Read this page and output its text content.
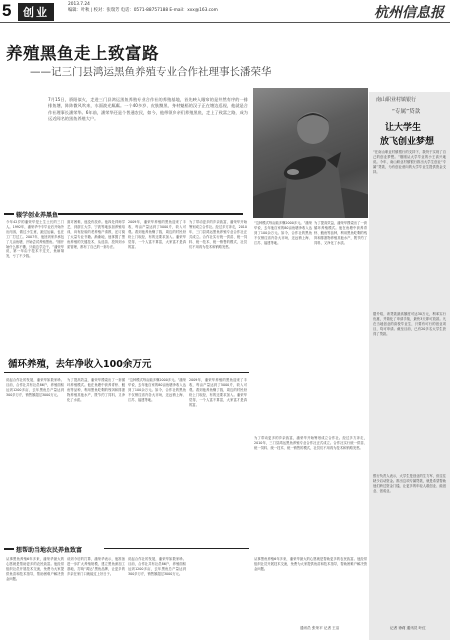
5	创业
2013.7.24
编辑：叶秋 | 校对：张瑞芳 电话：0571-88757188 E-mail：xxx@163.com	杭州信息报
养殖黑鱼走上致富路
——记三门县鸿运黑鱼养殖专业合作社理事长潘荣华
7月15日，骄阳似火，走进三门县鸿运黑鱼养殖专业合作社的养殖基地，首先映入眼帘的是井然有序的一排排鱼塘，阵阵微风吹来，水面波光粼粼。一个40多岁、皮肤黝黑、身材魁梧的汉子正在塘边巡视，他就是合作社理事长潘荣华。6年前，潘荣华还是个普通农民，如今，他带领乡亲们养殖黑鱼，走上了致富之路，成为远近闻名的黑鱼养殖大户。
辍学创业养黑鱼
今年42岁的潘荣华是土生土长的三门人。1992年，潘荣华中专毕业后开始外出闯荡，做过小生意，跑过运输，也在工厂打过工。2007年，他回到家乡承包了几亩鱼塘，开始尝试养殖黑鱼。“刚开始什么都不懂，只能边学边干。”潘荣华说，第一年由于技术不过关，鱼病频发，亏了不少钱。
面对困难，他没有放弃。他四处拜师学艺，到浙江大学、宁波等地参加养殖培训，向有经验的老养殖户请教，还订阅了大量专业书籍。渐渐地，他掌握了黑鱼养殖的关键技术，从选苗、投饵到水质管理，都有了自己的一套办法。
2009年，潘荣华养殖的黑鱼迎来了丰收，每亩产量达到了5000斤，收入可观。看到他养鱼赚了钱，周边的村民纷纷上门取经，有的还要求加入。潘荣华觉得，一个人富不算富，大家富才是真的富。
为了带动更多的乡亲致富，潘荣华开始筹划成立合作社。经过多方奔走，2010年，三门县鸿运黑鱼养殖专业合作社正式成立。合作社实行统一供苗、统一饲料、统一技术、统一销售的模式，社员们不用再为技术和销路发愁。
“这种模式每亩能多赚2000多元。”潘荣华说，去年他自家的80亩鱼塘净收入达到了100余万元。如今，合作社的黑鱼不仅销往省内各大市场，还远销上海、江苏、福建等地。
为了提高效益，潘荣华摸索出了一套循环养殖模式。他在鱼塘中套养青虾、鲢鱼等品种，利用黑鱼吃剩的残饵和排泄物养殖其他水产，既节约了饲料，又净化了水质。
循环养殖，去年净收入100余万元
说起合作社的发展，潘荣华如数家珍。目前，合作社共有社员86户，养殖面积达到1200多亩，去年黑鱼总产量达到300多万斤，销售额超过3000万元。
为了提高效益，潘荣华摸索出了一套循环养殖模式。他在鱼塘中套养青虾、鲢鱼等品种，利用黑鱼吃剩的残饵和排泄物养殖其他水产，既节约了饲料，又净化了水质。
“这种模式每亩能多赚2000多元。”潘荣华说，去年他自家的80亩鱼塘净收入达到了100余万元。如今，合作社的黑鱼不仅销往省内各大市场，还远销上海、江苏、福建等地。
2009年，潘荣华养殖的黑鱼迎来了丰收，每亩产量达到了5000斤，收入可观。看到他养鱼赚了钱，周边的村民纷纷上门取经，有的还要求加入。潘荣华觉得，一个人富不算富，大家富才是真的富。
为了带动更多的乡亲致富，潘荣华开始筹划成立合作社。经过多方奔走，2010年，三门县鸿运黑鱼养殖专业合作社正式成立。合作社实行统一供苗、统一饲料、统一技术、统一销售的模式，社员们不用再为技术和销路发愁。
想帮助当地农民养鱼致富
从事黑鱼养殖6年多来，潘荣华最大的心愿就是帮助更多的农民致富。他经常组织社员开展技术交流，免费为大家提供鱼苗和技术指导，帮助困难户解决资金问题。
谈到今后的打算，潘荣华表示，他准备进一步扩大养殖规模，建立黑鱼深加工基地，打响“鸿运”黑鱼品牌，让更多的乡亲在家门口就能过上好日子。
说起合作社的发展，潘荣华如数家珍。目前，合作社共有社员86户，养殖面积达到1200多亩，去年黑鱼总产量达到300多万斤，销售额超过3000万元。
从事黑鱼养殖6年多来，潘荣华最大的心愿就是帮助更多的农民致富。他经常组织社员开展技术交流，免费为大家提供鱼苗和技术指导，帮助困难户解决资金问题。
通讯员 张荣平 记者 王洁
南山职业村镇银行
“专属”贷款
让大学生
放飞创业梦想
“在南山职业村镇银行的支持下，我终于实现了自己的创业梦想。”刚刚从大学毕业的小王高兴地说。今年，南山职业村镇银行推出大学生创业“专属”贷款，为有创业意向的大学毕业生提供资金支持。
据介绍，该贷款最高额度可达30万元，利率实行优惠，并简化了申请手续，最快3天即可放款。凡在当地创业的高校毕业生，只要有可行的创业项目，均可申请。截至目前，已有20多名大学生获得了贷款。
银行负责人表示，大学生是创业的生力军，但往往缺少启动资金。推出这项专属贷款，就是希望帮助他们跨过资金门槛，让更多的年轻人敢创业、能创业、创成业。
记者 徐莉 通讯员 叶红
